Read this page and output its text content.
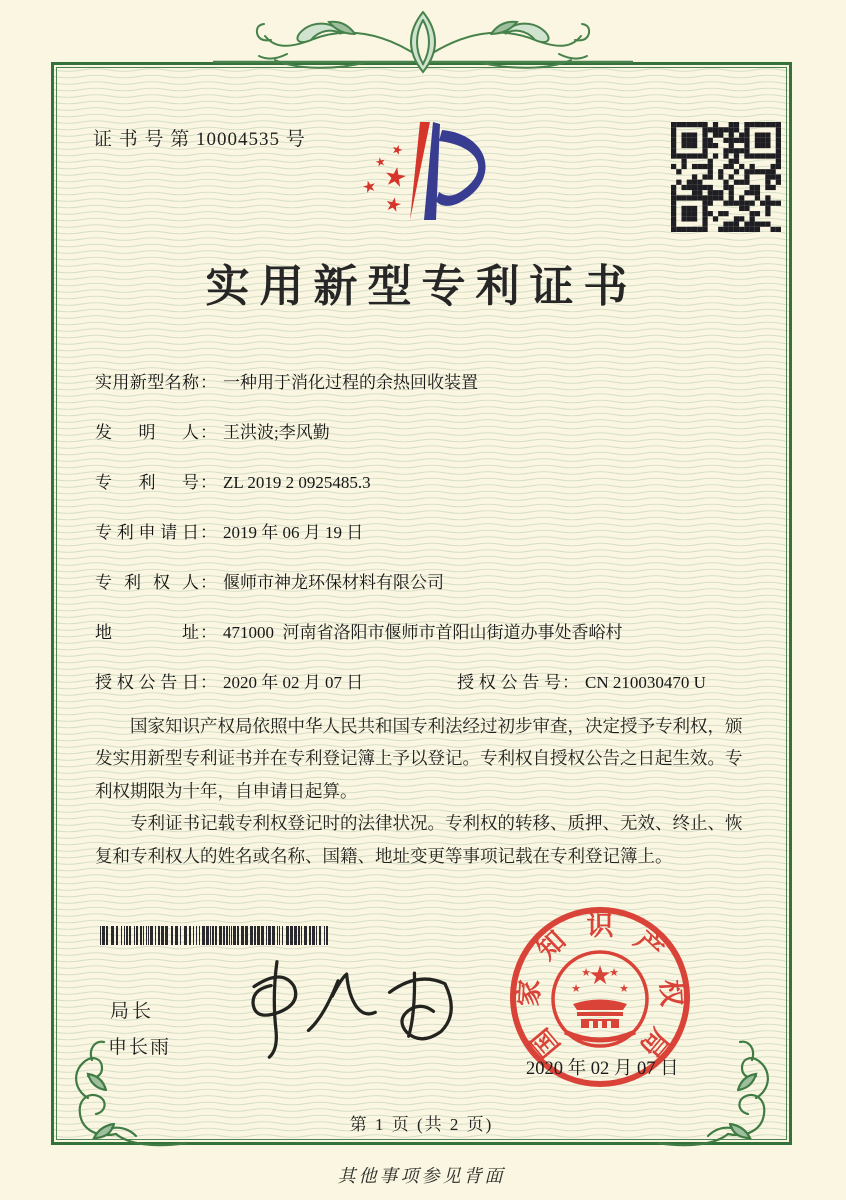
证 书 号 第 10004535 号	★
★
★
★
★
实用新型专利证书
实用新型名称： 一种用于消化过程的余热回收装置
发明人： 王洪波;李风勤
专利号： ZL 2019 2 0925485.3
专利申请日： 2019 年 06 月 19 日
专利权人： 偃师市神龙环保材料有限公司
地址： 471000  河南省洛阳市偃师市首阳山街道办事处香峪村
授权公告日： 2020 年 02 月 07 日	授权公告号： CN 210030470 U

国家知识产权局依照中华人民共和国专利法经过初步审查，决定授予专利权，颁发实用新型专利证书并在专利登记簿上予以登记。专利权自授权公告之日起生效。专利权期限为十年，自申请日起算。

专利证书记载专利权登记时的法律状况。专利权的转移、质押、无效、终止、恢复和专利权人的姓名或名称、国籍、地址变更等事项记载在专利登记簿上。

局长
申长雨	国
家
知 识 产
权
局
★
★
★ ★
★
2020 年 02 月 07 日
第 1 页 (共 2 页)
其他事项参见背面
